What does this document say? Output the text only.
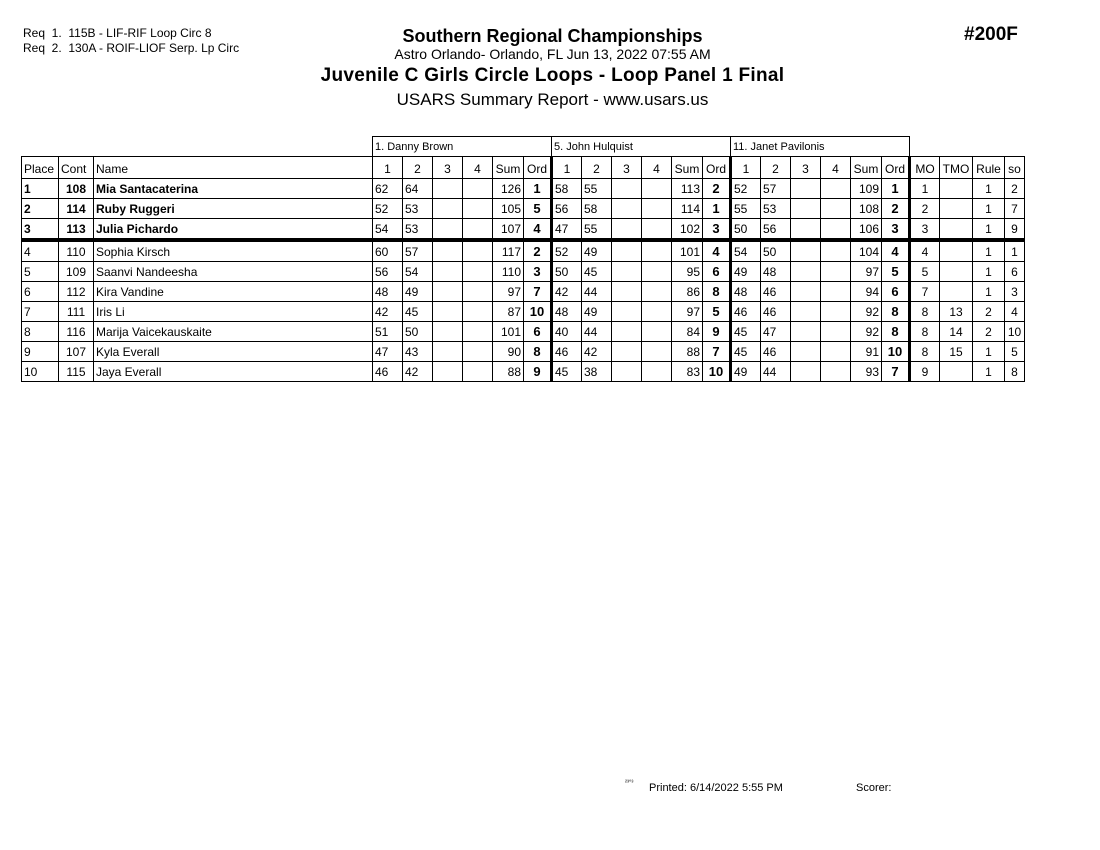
Req  1.  115B - LIF-RIF Loop Circ 8
Req  2.  130A - ROIF-LIOF Serp. Lp Circ
#200F
Southern Regional Championships
Astro Orlando- Orlando, FL Jun 13, 2022 07:55 AM
Juvenile C Girls Circle Loops - Loop Panel 1 Final
USARS Summary Report - www.usars.us
			1. Danny Brown						5. John Hulquist						11. Janet Pavilonis									
Place	Cont	Name	1	2	3	4	Sum	Ord	1	2	3	4	Sum	Ord	1	2	3	4	Sum	Ord	MO	TMO	Rule	so
1	108	Mia Santacaterina	62	64			126	1	58	55			113	2	52	57			109	1	1		1	2
2	114	Ruby Ruggeri	52	53			105	5	56	58			114	1	55	53			108	2	2		1	7
3	113	Julia Pichardo	54	53			107	4	47	55			102	3	50	56			106	3	3		1	9
4	110	Sophia Kirsch	60	57			117	2	52	49			101	4	54	50			104	4	4		1	1
5	109	Saanvi Nandeesha	56	54			110	3	50	45			95	6	49	48			97	5	5		1	6
6	112	Kira Vandine	48	49			97	7	42	44			86	8	48	46			94	6	7		1	3
7	111	Iris Li	42	45			87	10	48	49			97	5	46	46			92	8	8	13	2	4
8	116	Marija Vaicekauskaite	51	50			101	6	40	44			84	9	45	47			92	8	8	14	2	10
9	107	Kyla Everall	47	43			90	8	46	42			88	7	45	46			91	10	8	15	1	5
10	115	Jaya Everall	46	42			88	9	45	38			83	10	49	44			93	7	9		1	8
²³°³ Printed: 6/14/2022 5:55 PM	Scorer:
